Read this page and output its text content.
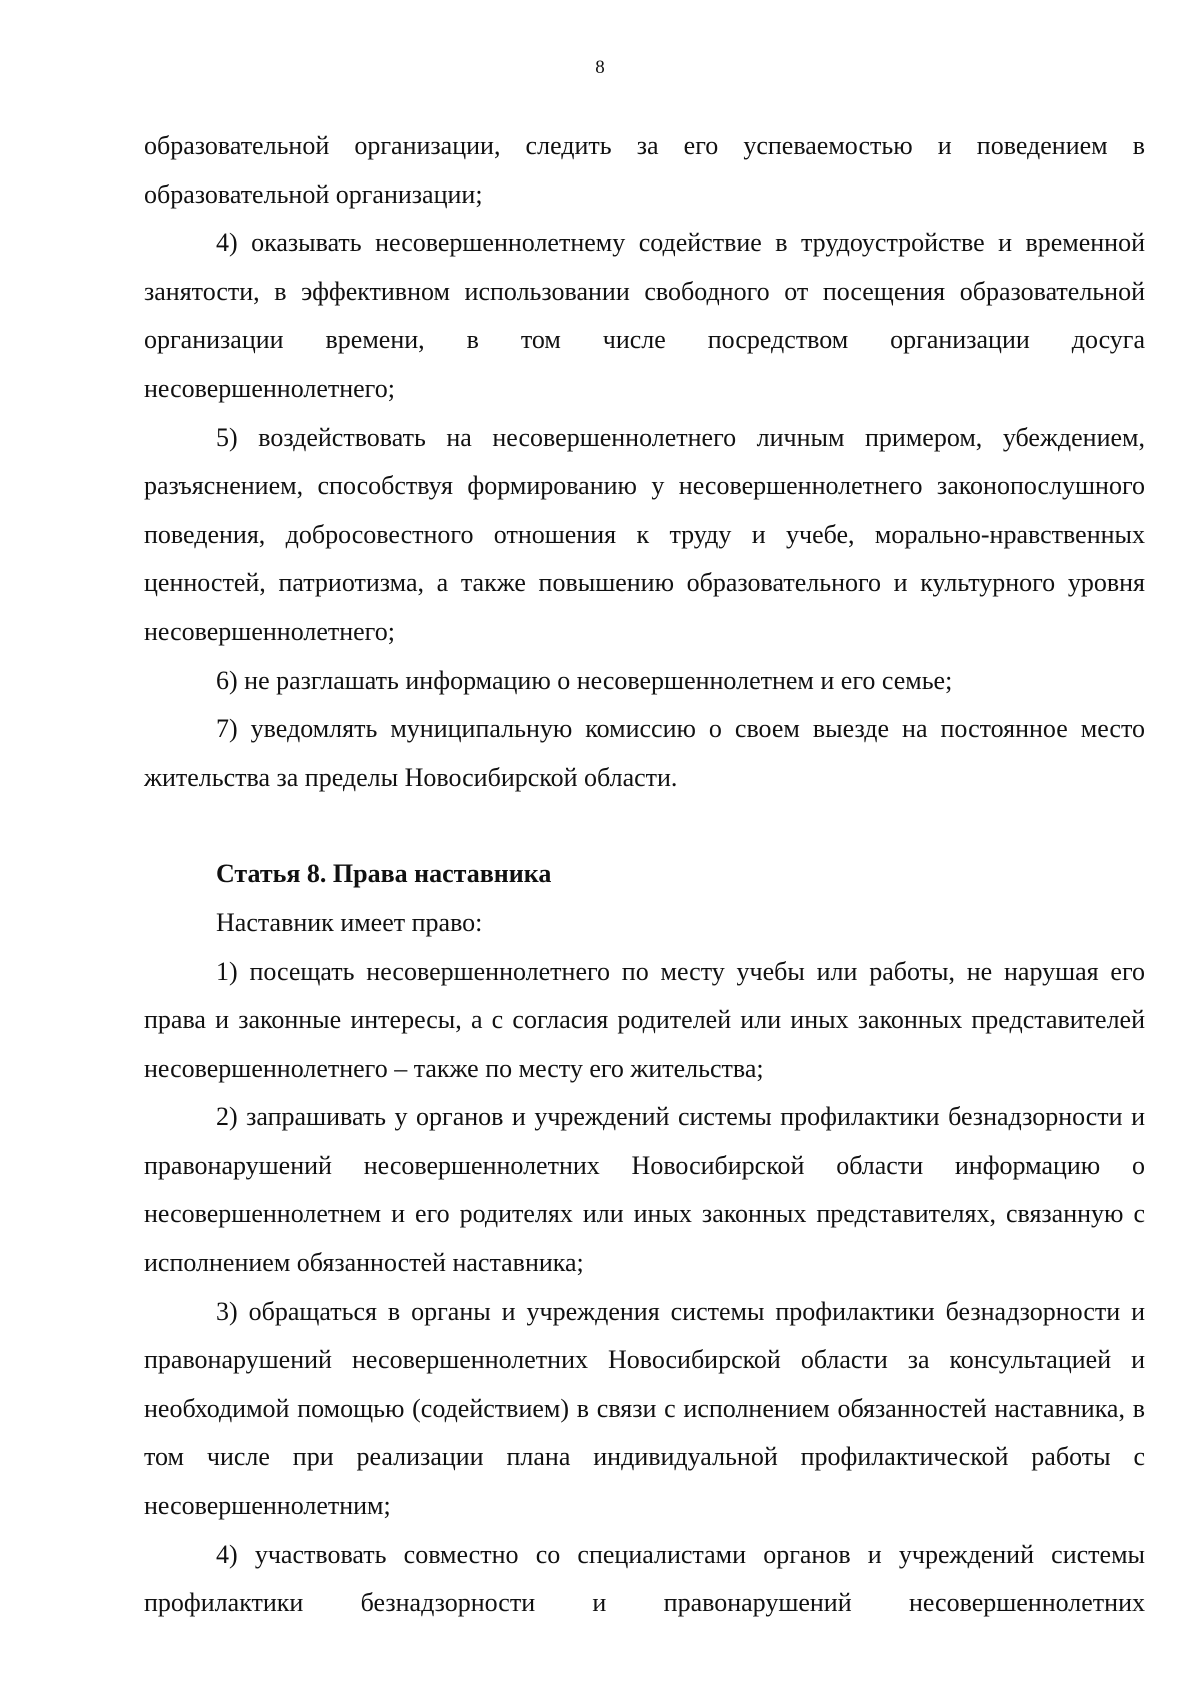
8

образовательной организации, следить за его успеваемостью и поведением в образовательной организации;

4) оказывать несовершеннолетнему содействие в трудоустройстве и временной занятости, в эффективном использовании свободного от посещения образовательной организации времени, в том числе посредством организации досуга несовершеннолетнего;

5) воздействовать на несовершеннолетнего личным примером, убеждением, разъяснением, способствуя формированию у несовершеннолетнего законопослушного поведения, добросовестного отношения к труду и учебе, морально-нравственных ценностей, патриотизма, а также повышению образовательного и культурного уровня несовершеннолетнего;

6) не разглашать информацию о несовершеннолетнем и его семье;

7) уведомлять муниципальную комиссию о своем выезде на постоянное место жительства за пределы Новосибирской области.

Статья 8. Права наставника

Наставник имеет право:

1) посещать несовершеннолетнего по месту учебы или работы, не нарушая его права и законные интересы, а с согласия родителей или иных законных представителей несовершеннолетнего – также по месту его жительства;

2) запрашивать у органов и учреждений системы профилактики безнадзорности и правонарушений несовершеннолетних Новосибирской области информацию о несовершеннолетнем и его родителях или иных законных представителях, связанную с исполнением обязанностей наставника;

3) обращаться в органы и учреждения системы профилактики безнадзорности и правонарушений несовершеннолетних Новосибирской области за консультацией и необходимой помощью (содействием) в связи с исполнением обязанностей наставника, в том числе при реализации плана индивидуальной профилактической работы с несовершеннолетним;

4) участвовать совместно со специалистами органов и учреждений системы профилактики безнадзорности и правонарушений несовершеннолетних
